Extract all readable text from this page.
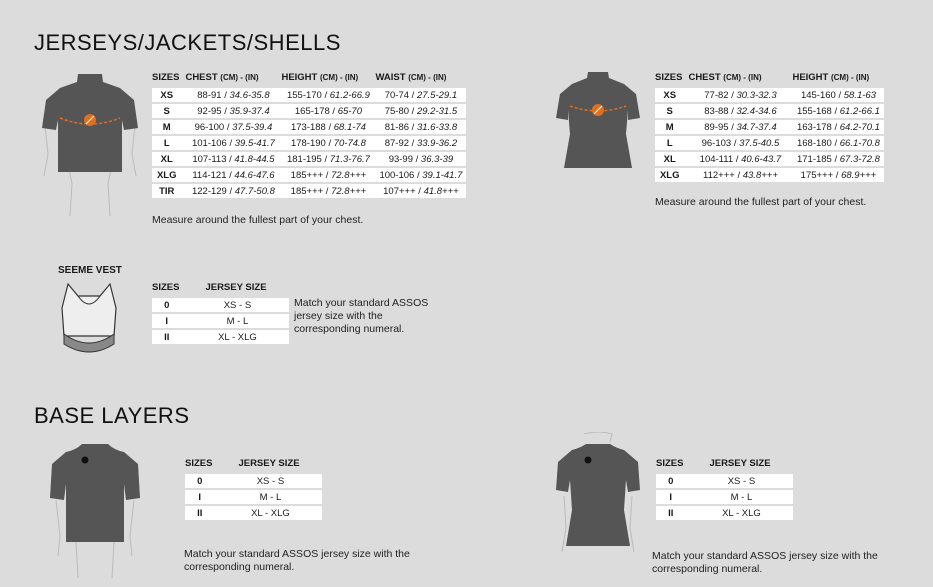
JERSEYS/JACKETS/SHELLS
SIZES	CHEST (CM) - (IN)	HEIGHT (CM) - (IN)	WAIST (CM) - (IN)
XS	88-91 / 34.6-35.8	155-170 / 61.2-66.9	70-74 / 27.5-29.1
S	92-95 / 35.9-37.4	165-178 / 65-70	75-80 / 29.2-31.5
M	96-100 / 37.5-39.4	173-188 / 68.1-74	81-86 / 31.6-33.8
L	101-106 / 39.5-41.7	178-190 / 70-74.8	87-92 / 33.9-36.2
XL	107-113 / 41.8-44.5	181-195 / 71.3-76.7	93-99 / 36.3-39
XLG	114-121 / 44.6-47.6	185+++ / 72.8+++	100-106 / 39.1-41.7
TIR	122-129 / 47.7-50.8	185+++ / 72.8+++	107+++ / 41.8+++
Measure around the fullest part of your chest.
SIZES	CHEST (CM) - (IN)	HEIGHT (CM) - (IN)
XS	77-82 / 30.3-32.3	145-160 / 58.1-63
S	83-88 / 32.4-34.6	155-168 / 61.2-66.1
M	89-95 / 34.7-37.4	163-178 / 64.2-70.1
L	96-103 / 37.5-40.5	168-180 / 66.1-70.8
XL	104-111 / 40.6-43.7	171-185 / 67.3-72.8
XLG	112+++ / 43.8+++	175+++ / 68.9+++
Measure around the fullest part of your chest.
SEEME VEST
SIZES	JERSEY SIZE
0	XS - S
I	M - L
II	XL - XLG
Match your standard ASSOS jersey size with the corresponding numeral.
BASE LAYERS
SIZES	JERSEY SIZE
0	XS - S
I	M - L
II	XL - XLG
Match your standard ASSOS jersey size with the corresponding numeral.
SIZES	JERSEY SIZE
0	XS - S
I	M - L
II	XL - XLG
Match your standard ASSOS jersey size with the corresponding numeral.
